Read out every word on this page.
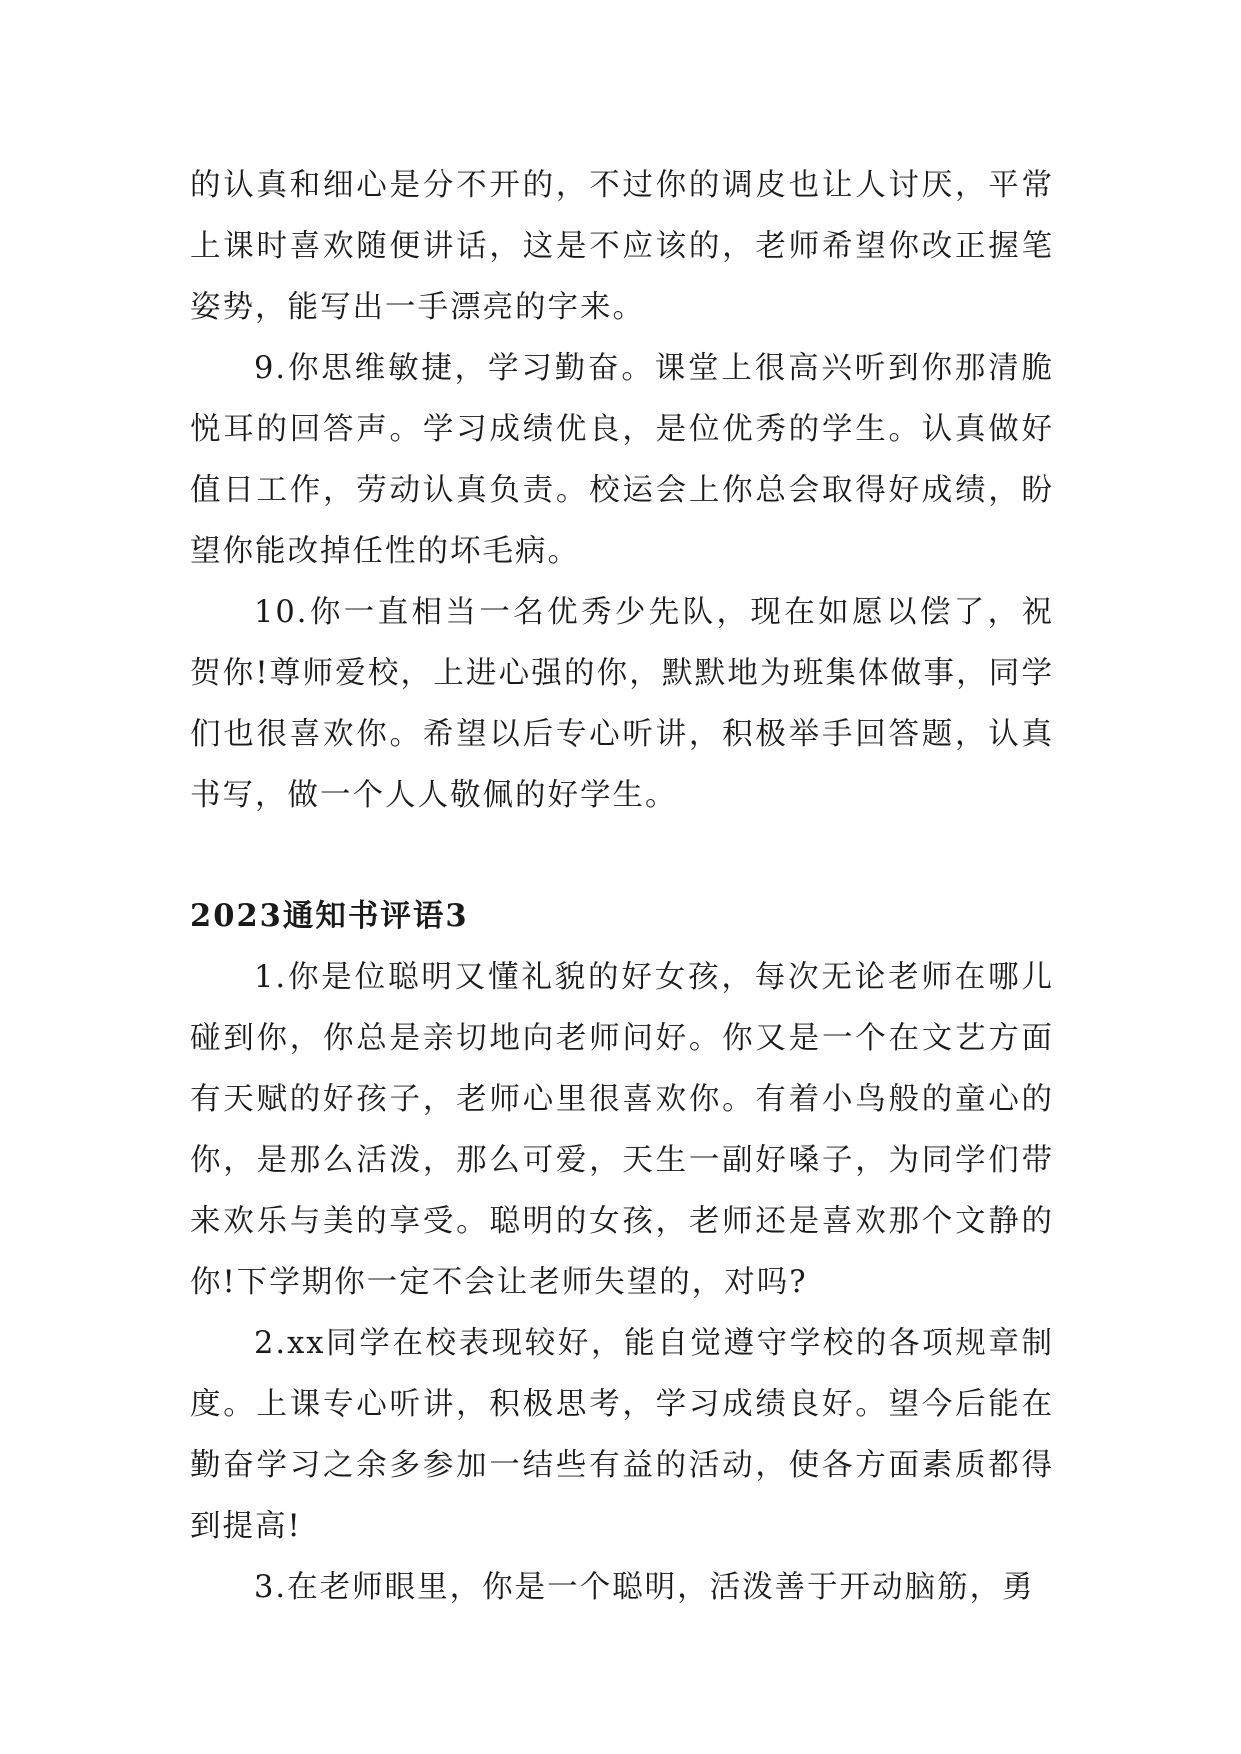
的认真和细心是分不开的，不过你的调皮也让人讨厌，平常上课时喜欢随便讲话，这是不应该的，老师希望你改正握笔姿势，能写出一手漂亮的字来。

9.你思维敏捷，学习勤奋。课堂上很高兴听到你那清脆悦耳的回答声。学习成绩优良，是位优秀的学生。认真做好值日工作，劳动认真负责。校运会上你总会取得好成绩，盼望你能改掉任性的坏毛病。

10.你一直相当一名优秀少先队，现在如愿以偿了，祝贺你!尊师爱校，上进心强的你，默默地为班集体做事，同学们也很喜欢你。希望以后专心听讲，积极举手回答题，认真书写，做一个人人敬佩的好学生。

2023通知书评语3

1.你是位聪明又懂礼貌的好女孩，每次无论老师在哪儿碰到你，你总是亲切地向老师问好。你又是一个在文艺方面有天赋的好孩子，老师心里很喜欢你。有着小鸟般的童心的你，是那么活泼，那么可爱，天生一副好嗓子，为同学们带来欢乐与美的享受。聪明的女孩，老师还是喜欢那个文静的你!下学期你一定不会让老师失望的，对吗?

2.xx同学在校表现较好，能自觉遵守学校的各项规章制度。上课专心听讲，积极思考，学习成绩良好。望今后能在勤奋学习之余多参加一结些有益的活动，使各方面素质都得到提高!

3.在老师眼里，你是一个聪明，活泼善于开动脑筋，勇
